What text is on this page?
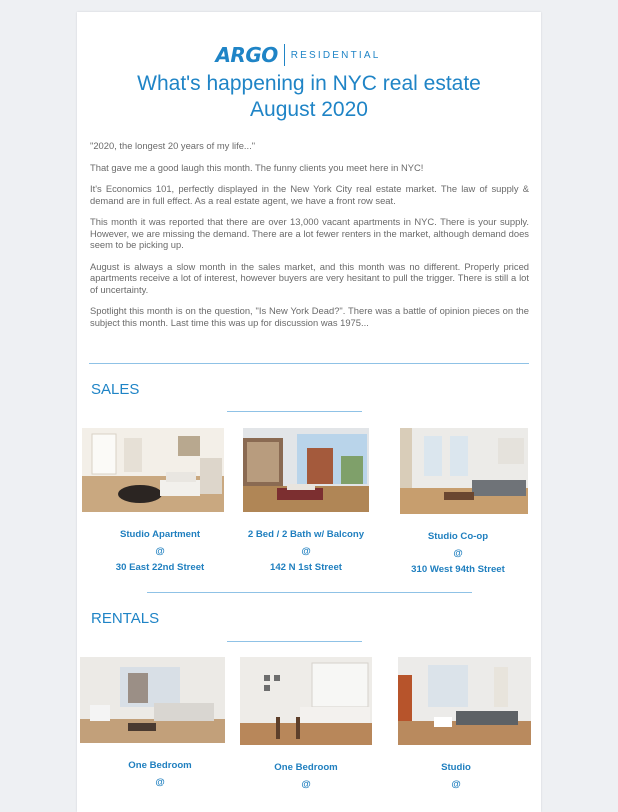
ARGO RESIDENTIAL
What's happening in NYC real estate
August 2020

"2020, the longest 20 years of my life..."

That gave me a good laugh this month. The funny clients you meet here in NYC!

It's Economics 101, perfectly displayed in the New York City real estate market. The law of supply & demand are in full effect. As a real estate agent, we have a front row seat.

This month it was reported that there are over 13,000 vacant apartments in NYC. There is your supply. However, we are missing the demand. There are a lot fewer renters in the market, although demand does seem to be picking up.

August is always a slow month in the sales market, and this month was no different. Properly priced apartments receive a lot of interest, however buyers are very hesitant to pull the trigger. There is still a lot of uncertainty.

Spotlight this month is on the question, "Is New York Dead?". There was a battle of opinion pieces on the subject this month. Last time this was up for discussion was 1975...

SALES
Studio Apartment
@
30 East 22nd Street
2 Bed / 2 Bath w/ Balcony
@
142 N 1st Street
Studio Co-op
@
310 West 94th Street
RENTALS
One Bedroom
@
One Bedroom
@
Studio
@
